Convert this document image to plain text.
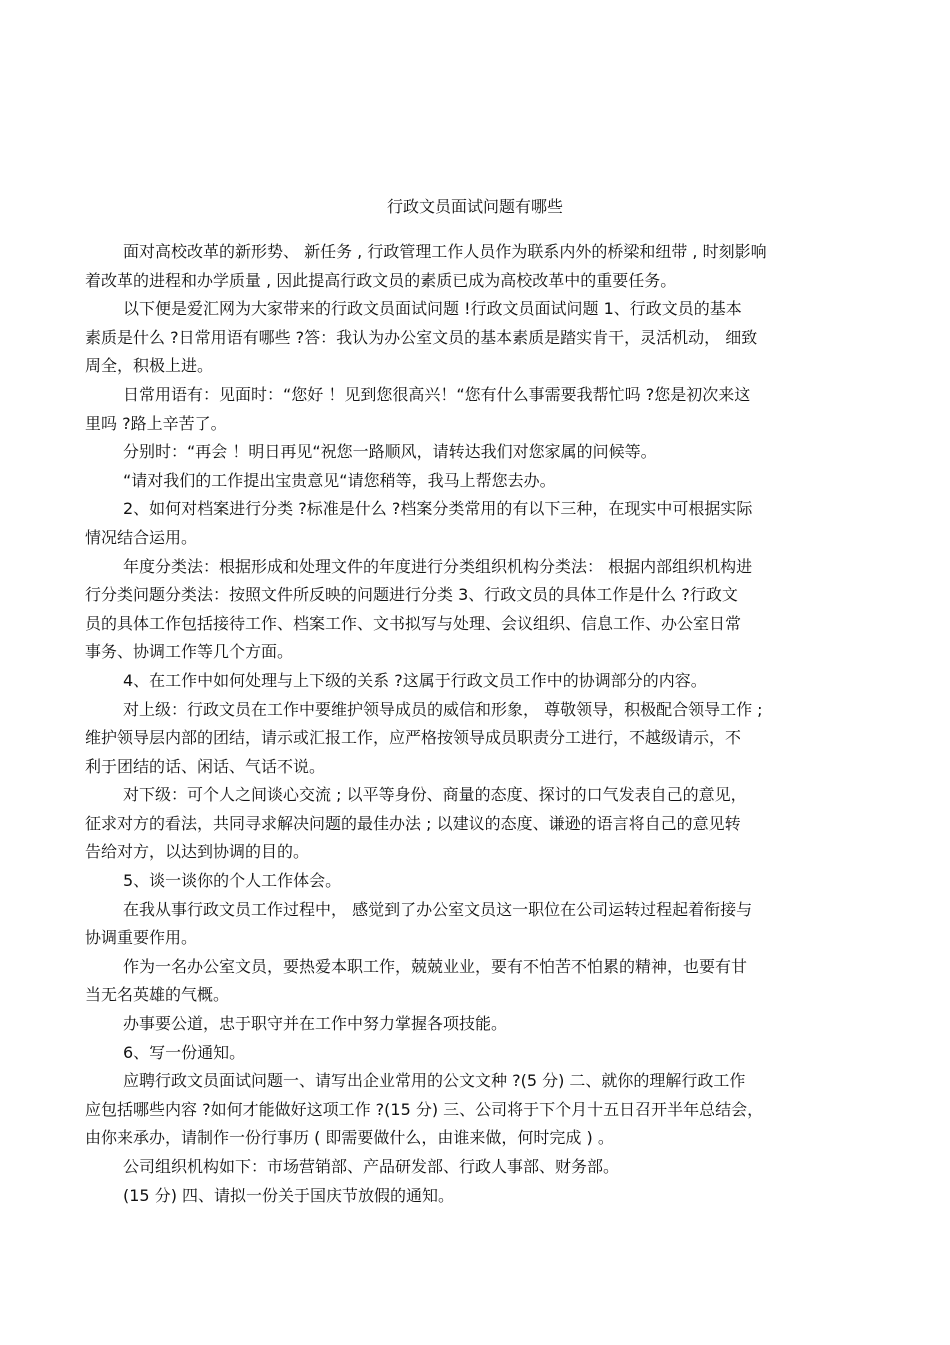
行政文员面试问题有哪些
面对高校改革的新形势、 新任务 , 行政管理工作人员作为联系内外的桥梁和纽带 , 时刻影响
着改革的进程和办学质量 , 因此提高行政文员的素质已成为高校改革中的重要任务。
以下便是爱汇网为大家带来的行政文员面试问题 !行政文员面试问题 1、行政文员的基本
素质是什么 ?日常用语有哪些 ?答：我认为办公室文员的基本素质是踏实肯干，灵活机动， 细致
周全，积极上进。
日常用语有：见面时：“您好 ！见到您很高兴！“您有什么事需要我帮忙吗 ?您是初次来这
里吗 ?路上辛苦了。
分别时：“再会 ！明日再见“祝您一路顺风，请转达我们对您家属的问候等。
“请对我们的工作提出宝贵意见“请您稍等，我马上帮您去办。
2、如何对档案进行分类 ?标准是什么 ?档案分类常用的有以下三种，在现实中可根据实际
情况结合运用。
年度分类法：根据形成和处理文件的年度进行分类组织机构分类法： 根据内部组织机构进
行分类问题分类法：按照文件所反映的问题进行分类 3、行政文员的具体工作是什么 ?行政文
员的具体工作包括接待工作、档案工作、文书拟写与处理、会议组织、信息工作、办公室日常
事务、协调工作等几个方面。
4、在工作中如何处理与上下级的关系 ?这属于行政文员工作中的协调部分的内容。
对上级：行政文员在工作中要维护领导成员的威信和形象， 尊敬领导，积极配合领导工作 ;
维护领导层内部的团结，请示或汇报工作，应严格按领导成员职责分工进行，不越级请示，不
利于团结的话、闲话、气话不说。
对下级：可个人之间谈心交流 ; 以平等身份、商量的态度、探讨的口气发表自己的意见，
征求对方的看法，共同寻求解决问题的最佳办法 ; 以建议的态度、谦逊的语言将自己的意见转
告给对方，以达到协调的目的。
5、谈一谈你的个人工作体会。
在我从事行政文员工作过程中， 感觉到了办公室文员这一职位在公司运转过程起着衔接与
协调重要作用。
作为一名办公室文员，要热爱本职工作，兢兢业业，要有不怕苦不怕累的精神，也要有甘
当无名英雄的气概。
办事要公道，忠于职守并在工作中努力掌握各项技能。
6、写一份通知。
应聘行政文员面试问题一、请写出企业常用的公文文种 ?(5 分) 二、就你的理解行政工作
应包括哪些内容 ?如何才能做好这项工作 ?(15 分) 三、公司将于下个月十五日召开半年总结会，
由你来承办，请制作一份行事历 ( 即需要做什么，由谁来做，何时完成 ) 。
公司组织机构如下：市场营销部、产品研发部、行政人事部、财务部。
(15 分) 四、请拟一份关于国庆节放假的通知。
